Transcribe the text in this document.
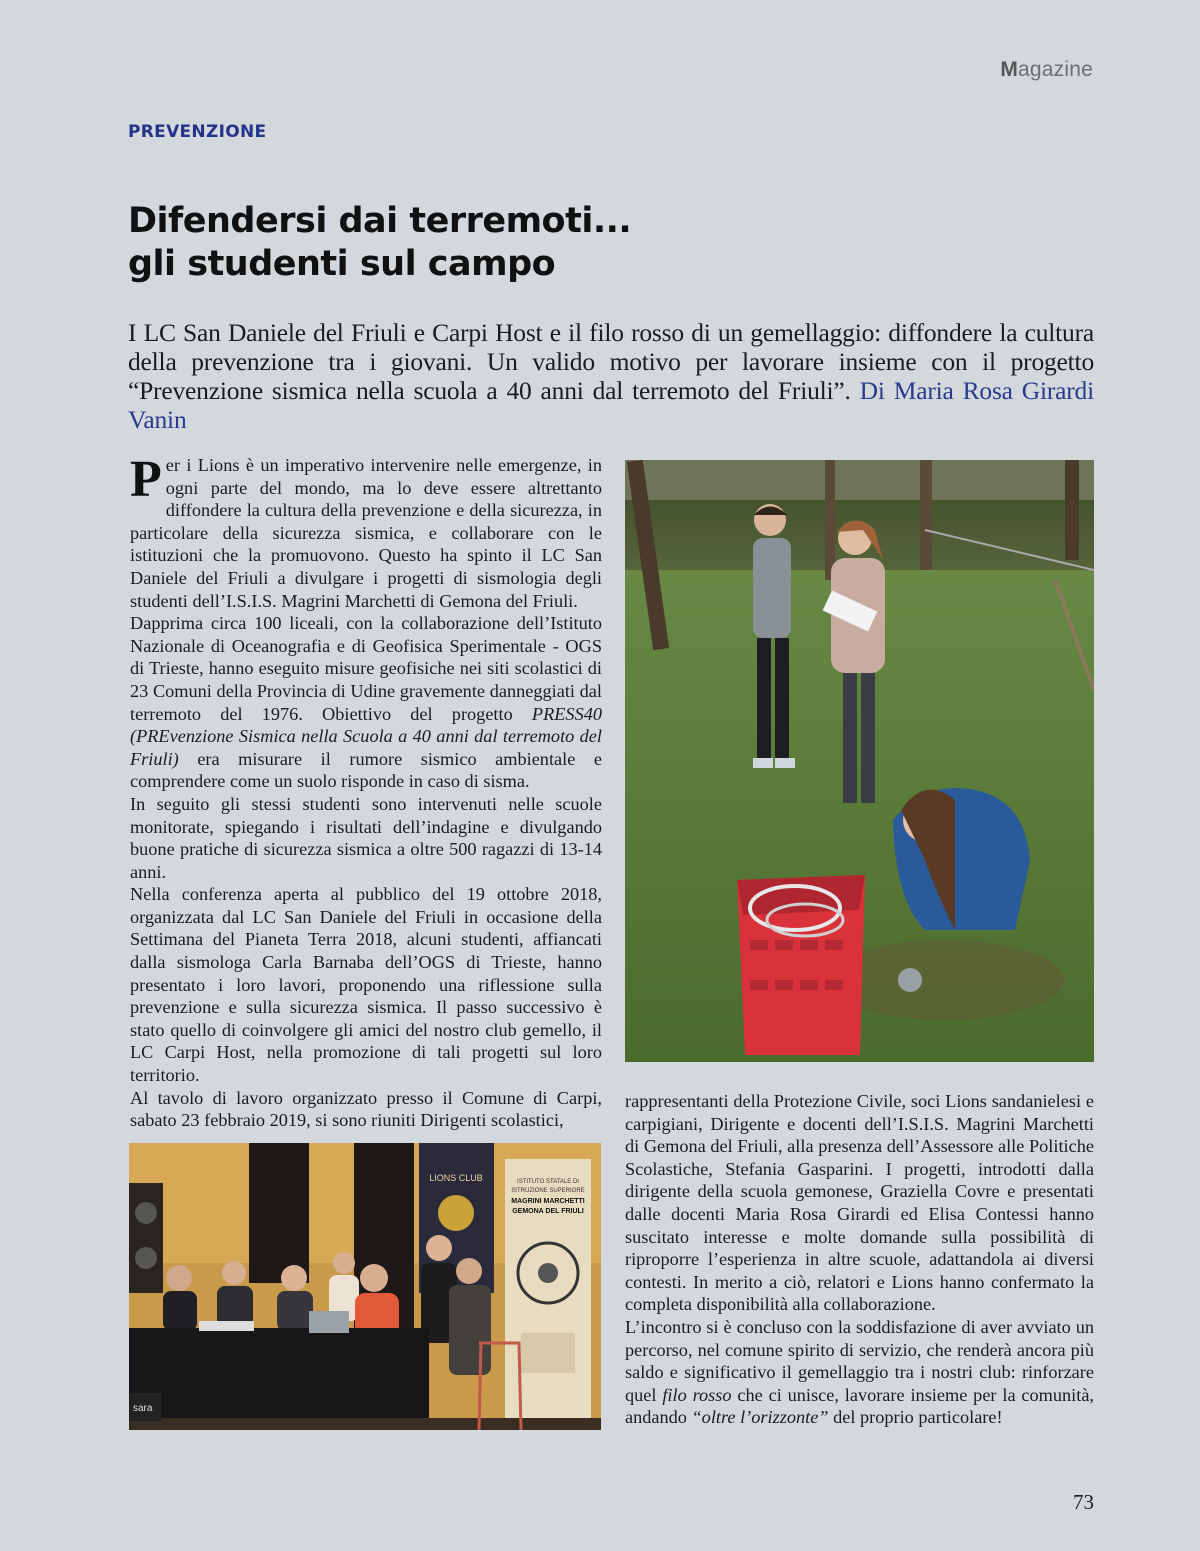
Magazine
PREVENZIONE
Difendersi dai terremoti...
gli studenti sul campo

I LC San Daniele del Friuli e Carpi Host e il filo rosso di un gemellaggio: diffondere la cultura della prevenzione tra i giovani. Un valido motivo per lavorare insieme con il progetto “Prevenzione sismica nella scuola a 40 anni dal terremoto del Friuli”. Di Maria Rosa Girardi Vanin

Per i Lions è un imperativo intervenire nelle emergenze, in ogni parte del mondo, ma lo deve essere altrettanto diffondere la cultura della prevenzione e della sicurezza, in particolare della sicurezza sismica, e collaborare con le istituzioni che la promuovono. Questo ha spinto il LC San Daniele del Friuli a divulgare i progetti di sismologia degli studenti dell’I.S.I.S. Magrini Marchetti di Gemona del Friuli.

Dapprima circa 100 liceali, con la collaborazione dell’Istituto Nazionale di Oceanografia e di Geofisica Sperimentale - OGS di Trieste, hanno eseguito misure geofisiche nei siti scolastici di 23 Comuni della Provincia di Udine gravemente danneggiati dal terremoto del 1976. Obiettivo del progetto PRESS40 (PREvenzione Sismica nella Scuola a 40 anni dal terremoto del Friuli) era misurare il rumore sismico ambientale e comprendere come un suolo risponde in caso di sisma.

In seguito gli stessi studenti sono intervenuti nelle scuole monitorate, spiegando i risultati dell’indagine e divulgando buone pratiche di sicurezza sismica a oltre 500 ragazzi di 13-14 anni.

Nella conferenza aperta al pubblico del 19 ottobre 2018, organizzata dal LC San Daniele del Friuli in occasione della Settimana del Pianeta Terra 2018, alcuni studenti, affiancati dalla sismologa Carla Barnaba dell’OGS di Trieste, hanno presentato i loro lavori, proponendo una riflessione sulla prevenzione e sulla sicurezza sismica. Il passo successivo è stato quello di coinvolgere gli amici del nostro club gemello, il LC Carpi Host, nella promozione di tali progetti sul loro territorio.

Al tavolo di lavoro organizzato presso il Comune di Carpi, sabato 23 febbraio 2019, si sono riuniti Dirigenti scolastici,

rappresentanti della Protezione Civile, soci Lions sandanielesi e carpigiani, Dirigente e docenti dell’I.S.I.S. Magrini Marchetti di Gemona del Friuli, alla presenza dell’Assessore alle Politiche Scolastiche, Stefania Gasparini. I progetti, introdotti dalla dirigente della scuola gemonese, Graziella Covre e presentati dalle docenti Maria Rosa Girardi ed Elisa Contessi hanno suscitato interesse e molte domande sulla possibilità di riproporre l’esperienza in altre scuole, adattandola ai diversi contesti. In merito a ciò, relatori e Lions hanno confermato la completa disponibilità alla collaborazione.

L’incontro si è concluso con la soddisfazione di aver avviato un percorso, nel comune spirito di servizio, che renderà ancora più saldo e significativo il gemellaggio tra i nostri club: rinforzare quel filo rosso che ci unisce, lavorare insieme per la comunità, andando “oltre l’orizzonte” del proprio particolare!

LIONS CLUB	ISTITUTO STATALE DI
ISTRUZIONE SUPERIORE
MAGRINI MARCHETTI
GEMONA DEL FRIULI
sara
73
